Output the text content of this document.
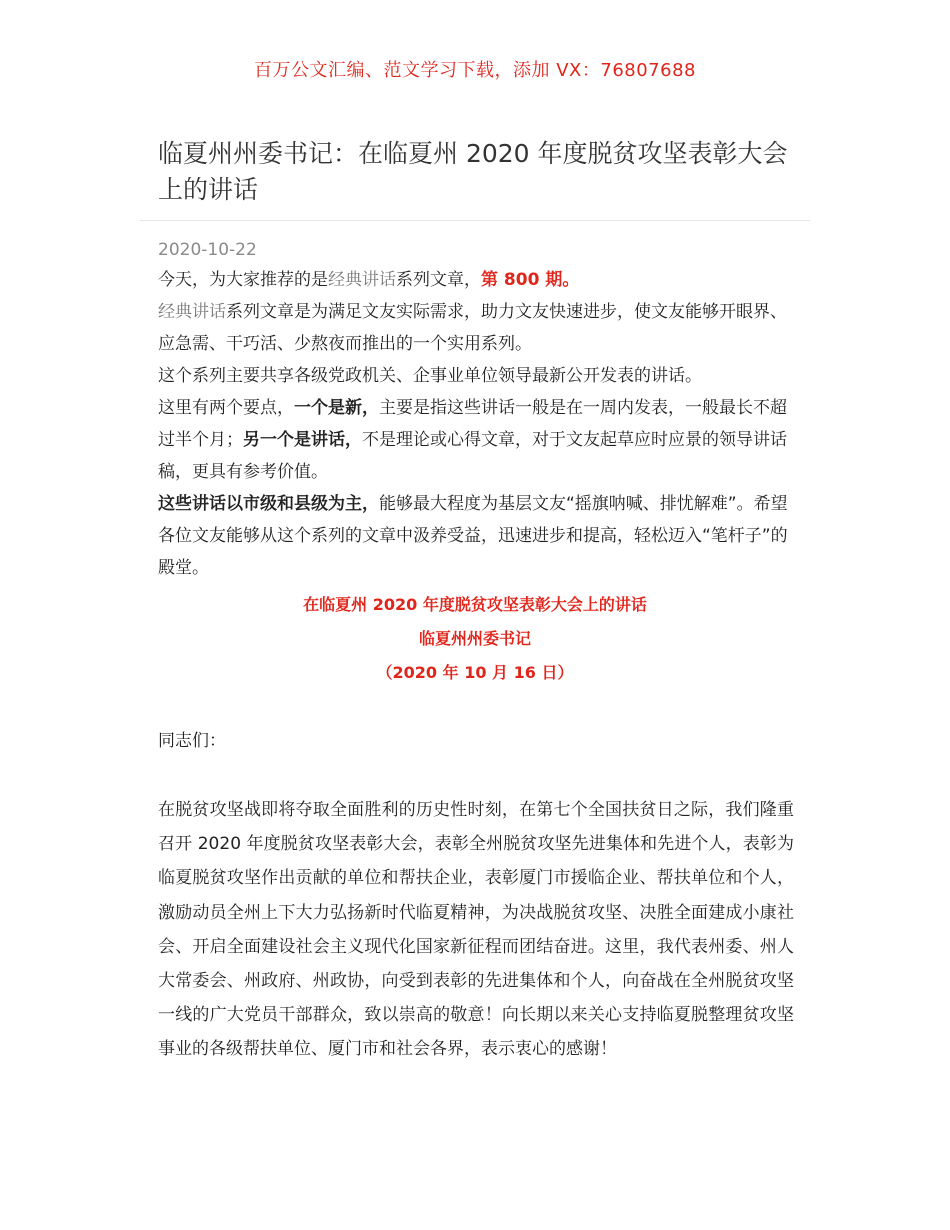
百万公文汇编、范文学习下载，添加 VX：76807688
临夏州州委书记：在临夏州 2020 年度脱贫攻坚表彰大会上的讲话
2020-10-22

今天，为大家推荐的是经典讲话系列文章，第 800 期。

经典讲话系列文章是为满足文友实际需求，助力文友快速进步，使文友能够开眼界、应急需、干巧活、少熬夜而推出的一个实用系列。

这个系列主要共享各级党政机关、企事业单位领导最新公开发表的讲话。

这里有两个要点，一个是新，主要是指这些讲话一般是在一周内发表，一般最长不超过半个月；另一个是讲话，不是理论或心得文章，对于文友起草应时应景的领导讲话稿，更具有参考价值。

这些讲话以市级和县级为主，能够最大程度为基层文友“摇旗呐喊、排忧解难”。希望各位文友能够从这个系列的文章中汲养受益，迅速进步和提高，轻松迈入“笔杆子”的殿堂。

在临夏州 2020 年度脱贫攻坚表彰大会上的讲话
临夏州州委书记
（2020 年 10 月 16 日）
同志们：

在脱贫攻坚战即将夺取全面胜利的历史性时刻，在第七个全国扶贫日之际，我们隆重召开 2020 年度脱贫攻坚表彰大会，表彰全州脱贫攻坚先进集体和先进个人，表彰为临夏脱贫攻坚作出贡献的单位和帮扶企业，表彰厦门市援临企业、帮扶单位和个人，激励动员全州上下大力弘扬新时代临夏精神，为决战脱贫攻坚、决胜全面建成小康社会、开启全面建设社会主义现代化国家新征程而团结奋进。这里，我代表州委、州人大常委会、州政府、州政协，向受到表彰的先进集体和个人，向奋战在全州脱贫攻坚一线的广大党员干部群众，致以崇高的敬意！向长期以来关心支持临夏脱整理贫攻坚事业的各级帮扶单位、厦门市和社会各界，表示衷心的感谢！
